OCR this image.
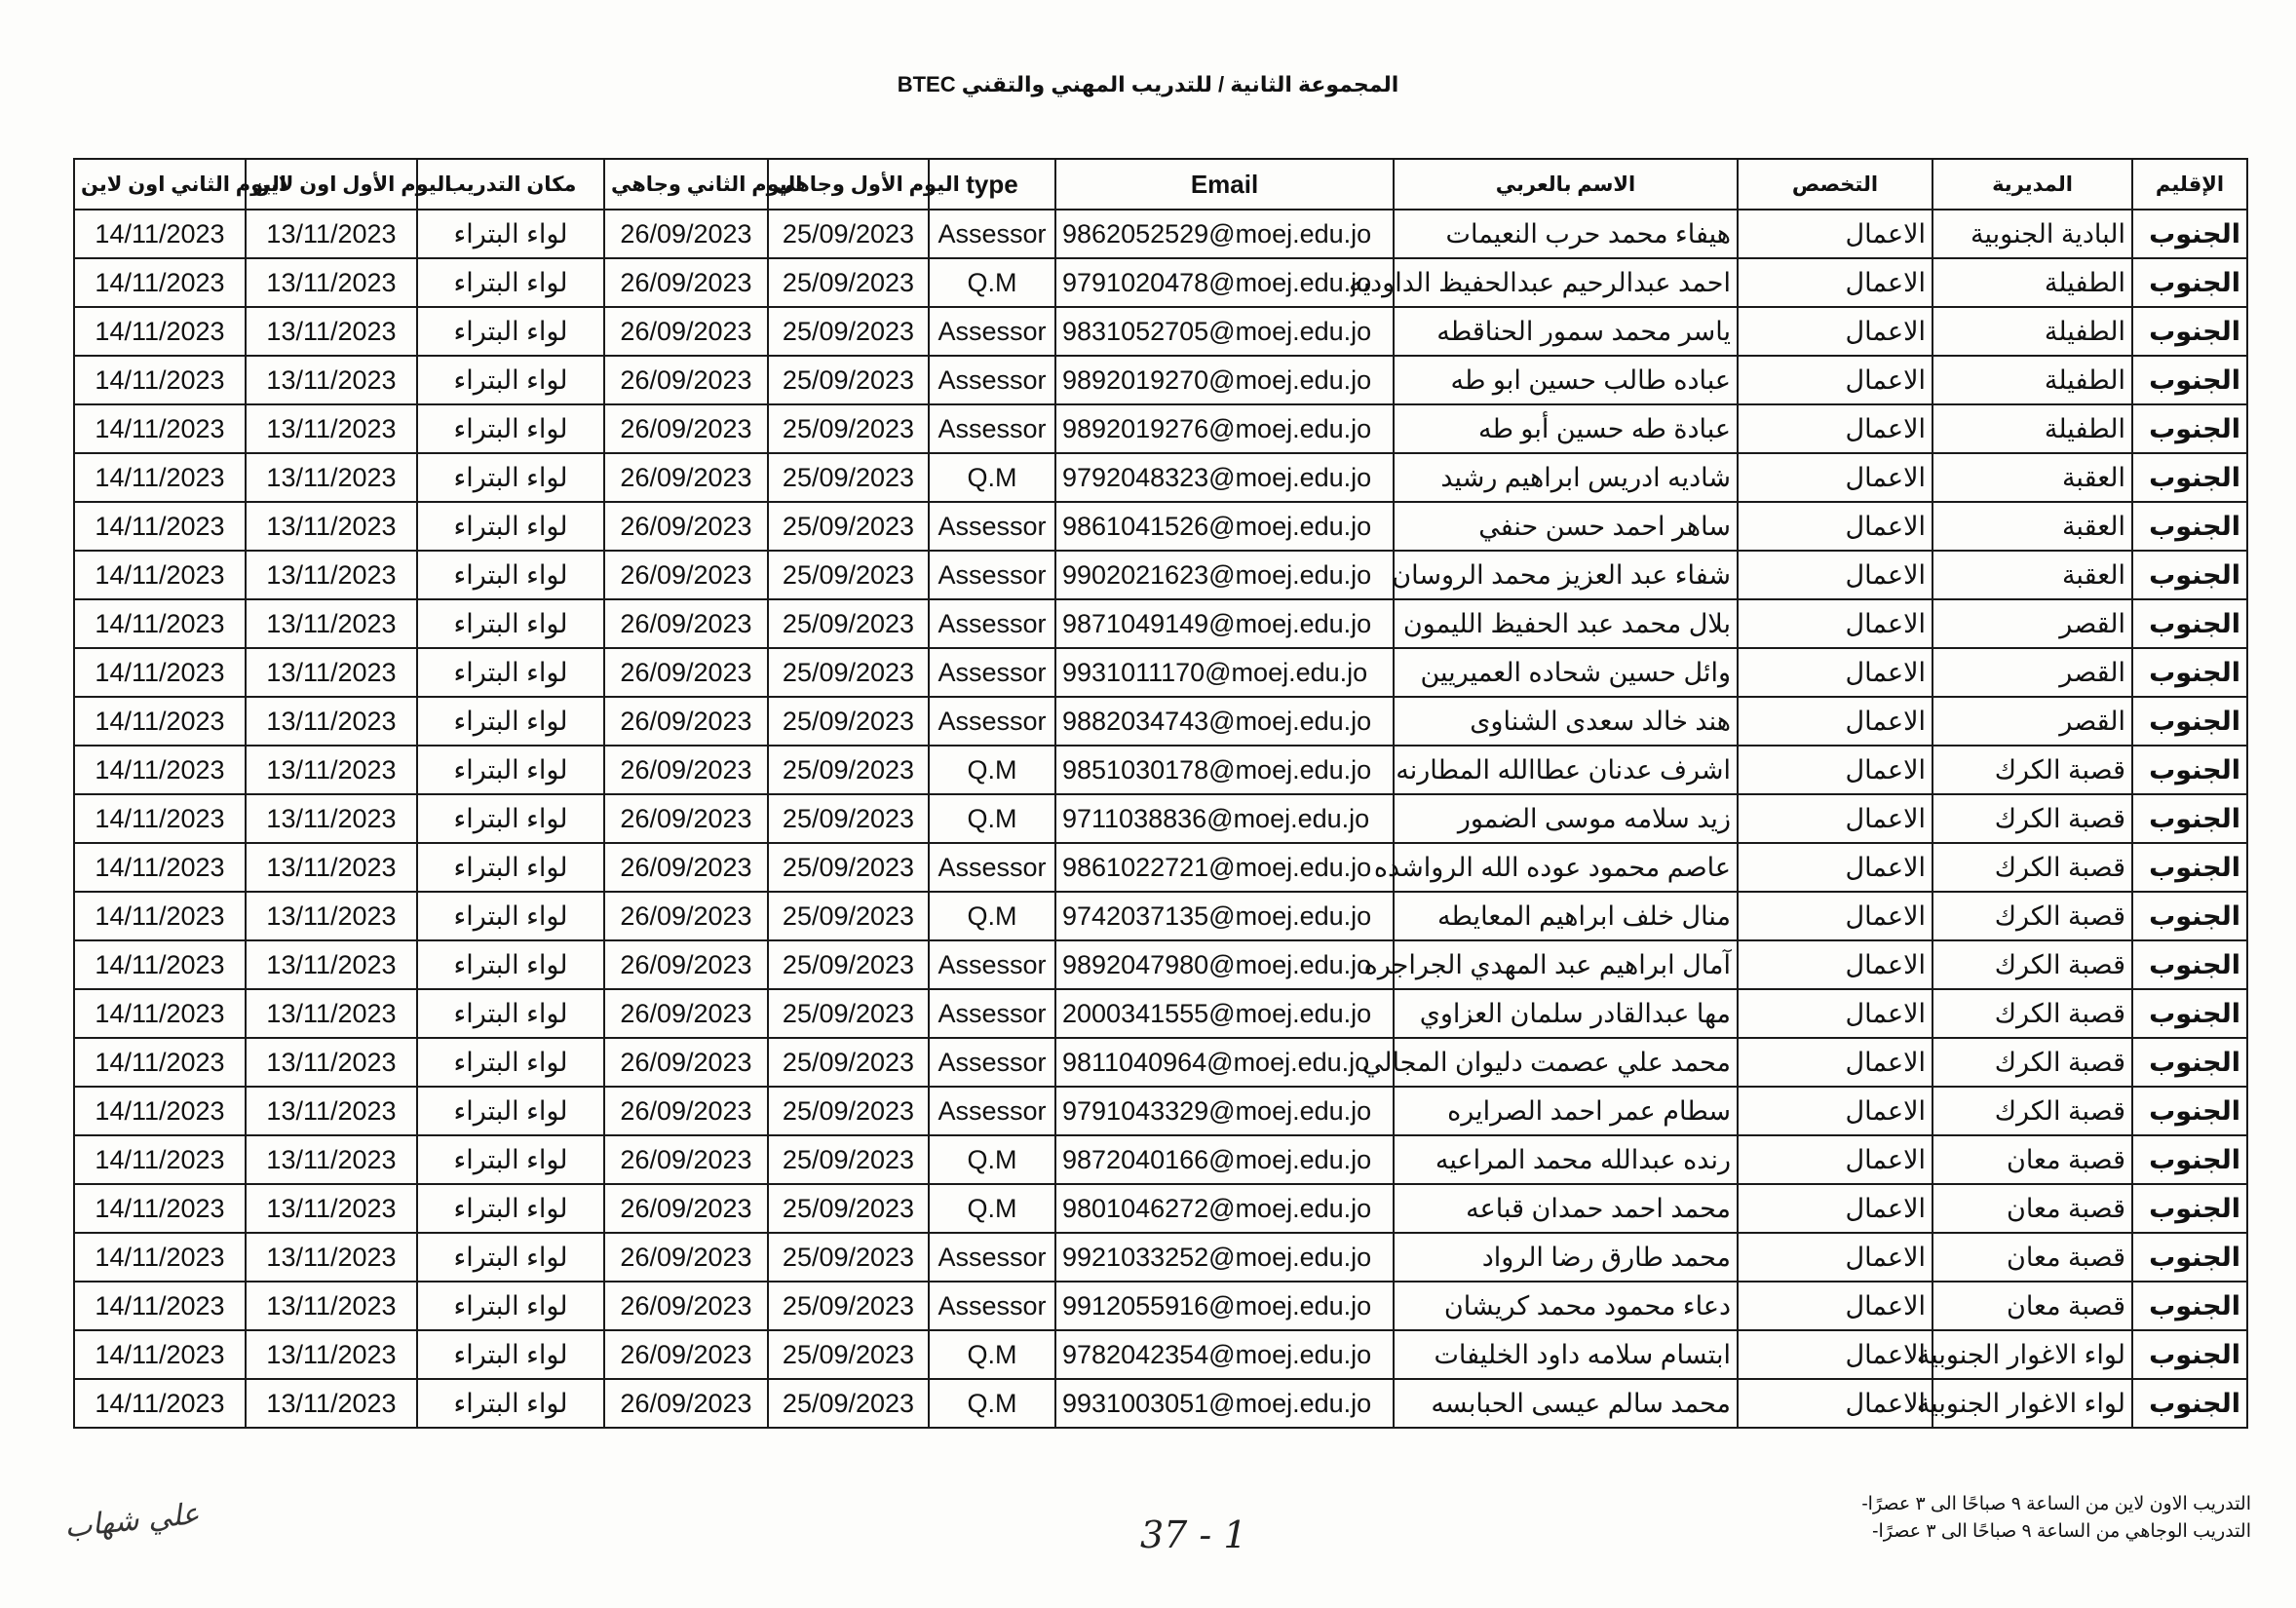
المجموعة الثانية / للتدريب المهني والتقني BTEC
اليوم الثاني اون لاين	اليوم الأول اون لاين	مكان التدريب	اليوم الثاني وجاهي	اليوم الأول وجاهي	type	Email	الاسم بالعربي	التخصص	المديرية	الإقليم
14/11/2023	13/11/2023	لواء البتراء	26/09/2023	25/09/2023	Assessor	9862052529@moej.edu.jo	هيفاء محمد حرب النعيمات	الاعمال	البادية الجنوبية	الجنوب
14/11/2023	13/11/2023	لواء البتراء	26/09/2023	25/09/2023	Q.M	9791020478@moej.edu.jo	احمد عبدالرحيم عبدالحفيظ الداوديه	الاعمال	الطفيلة	الجنوب
14/11/2023	13/11/2023	لواء البتراء	26/09/2023	25/09/2023	Assessor	9831052705@moej.edu.jo	ياسر محمد سمور الحناقطه	الاعمال	الطفيلة	الجنوب
14/11/2023	13/11/2023	لواء البتراء	26/09/2023	25/09/2023	Assessor	9892019270@moej.edu.jo	عباده طالب حسين ابو طه	الاعمال	الطفيلة	الجنوب
14/11/2023	13/11/2023	لواء البتراء	26/09/2023	25/09/2023	Assessor	9892019276@moej.edu.jo	عبادة طه حسين أبو طه	الاعمال	الطفيلة	الجنوب
14/11/2023	13/11/2023	لواء البتراء	26/09/2023	25/09/2023	Q.M	9792048323@moej.edu.jo	شاديه ادريس ابراهيم رشيد	الاعمال	العقبة	الجنوب
14/11/2023	13/11/2023	لواء البتراء	26/09/2023	25/09/2023	Assessor	9861041526@moej.edu.jo	ساهر احمد حسن حنفي	الاعمال	العقبة	الجنوب
14/11/2023	13/11/2023	لواء البتراء	26/09/2023	25/09/2023	Assessor	9902021623@moej.edu.jo	شفاء عبد العزيز محمد الروسان	الاعمال	العقبة	الجنوب
14/11/2023	13/11/2023	لواء البتراء	26/09/2023	25/09/2023	Assessor	9871049149@moej.edu.jo	بلال محمد عبد الحفيظ الليمون	الاعمال	القصر	الجنوب
14/11/2023	13/11/2023	لواء البتراء	26/09/2023	25/09/2023	Assessor	9931011170@moej.edu.jo	وائل حسين شحاده العميريين	الاعمال	القصر	الجنوب
14/11/2023	13/11/2023	لواء البتراء	26/09/2023	25/09/2023	Assessor	9882034743@moej.edu.jo	هند خالد سعدى الشناوى	الاعمال	القصر	الجنوب
14/11/2023	13/11/2023	لواء البتراء	26/09/2023	25/09/2023	Q.M	9851030178@moej.edu.jo	اشرف عدنان عطاالله المطارنه	الاعمال	قصبة الكرك	الجنوب
14/11/2023	13/11/2023	لواء البتراء	26/09/2023	25/09/2023	Q.M	9711038836@moej.edu.jo	زيد سلامه موسى الضمور	الاعمال	قصبة الكرك	الجنوب
14/11/2023	13/11/2023	لواء البتراء	26/09/2023	25/09/2023	Assessor	9861022721@moej.edu.jo	عاصم محمود عوده الله الرواشده	الاعمال	قصبة الكرك	الجنوب
14/11/2023	13/11/2023	لواء البتراء	26/09/2023	25/09/2023	Q.M	9742037135@moej.edu.jo	منال خلف ابراهيم المعايطه	الاعمال	قصبة الكرك	الجنوب
14/11/2023	13/11/2023	لواء البتراء	26/09/2023	25/09/2023	Assessor	9892047980@moej.edu.jo	آمال ابراهيم عبد المهدي الجراجره	الاعمال	قصبة الكرك	الجنوب
14/11/2023	13/11/2023	لواء البتراء	26/09/2023	25/09/2023	Assessor	2000341555@moej.edu.jo	مها عبدالقادر سلمان العزاوي	الاعمال	قصبة الكرك	الجنوب
14/11/2023	13/11/2023	لواء البتراء	26/09/2023	25/09/2023	Assessor	9811040964@moej.edu.jo	محمد علي عصمت دليوان المجالي	الاعمال	قصبة الكرك	الجنوب
14/11/2023	13/11/2023	لواء البتراء	26/09/2023	25/09/2023	Assessor	9791043329@moej.edu.jo	سطام عمر احمد الصرايره	الاعمال	قصبة الكرك	الجنوب
14/11/2023	13/11/2023	لواء البتراء	26/09/2023	25/09/2023	Q.M	9872040166@moej.edu.jo	رنده عبدالله محمد المراعيه	الاعمال	قصبة معان	الجنوب
14/11/2023	13/11/2023	لواء البتراء	26/09/2023	25/09/2023	Q.M	9801046272@moej.edu.jo	محمد احمد حمدان قباعه	الاعمال	قصبة معان	الجنوب
14/11/2023	13/11/2023	لواء البتراء	26/09/2023	25/09/2023	Assessor	9921033252@moej.edu.jo	محمد طارق رضا الرواد	الاعمال	قصبة معان	الجنوب
14/11/2023	13/11/2023	لواء البتراء	26/09/2023	25/09/2023	Assessor	9912055916@moej.edu.jo	دعاء محمود محمد كريشان	الاعمال	قصبة معان	الجنوب
14/11/2023	13/11/2023	لواء البتراء	26/09/2023	25/09/2023	Q.M	9782042354@moej.edu.jo	ابتسام سلامه داود الخليفات	الاعمال	لواء الاغوار الجنوبية	الجنوب
14/11/2023	13/11/2023	لواء البتراء	26/09/2023	25/09/2023	Q.M	9931003051@moej.edu.jo	محمد سالم عيسى الحبابسه	الاعمال	لواء الاغوار الجنوبية	الجنوب
التدريب الاون لاين من الساعة ٩ صباحًا الى ٣ عصرًا-
التدريب الوجاهي من الساعة ٩ صباحًا الى ٣ عصرًا-
37 - 1
علي شهاب
